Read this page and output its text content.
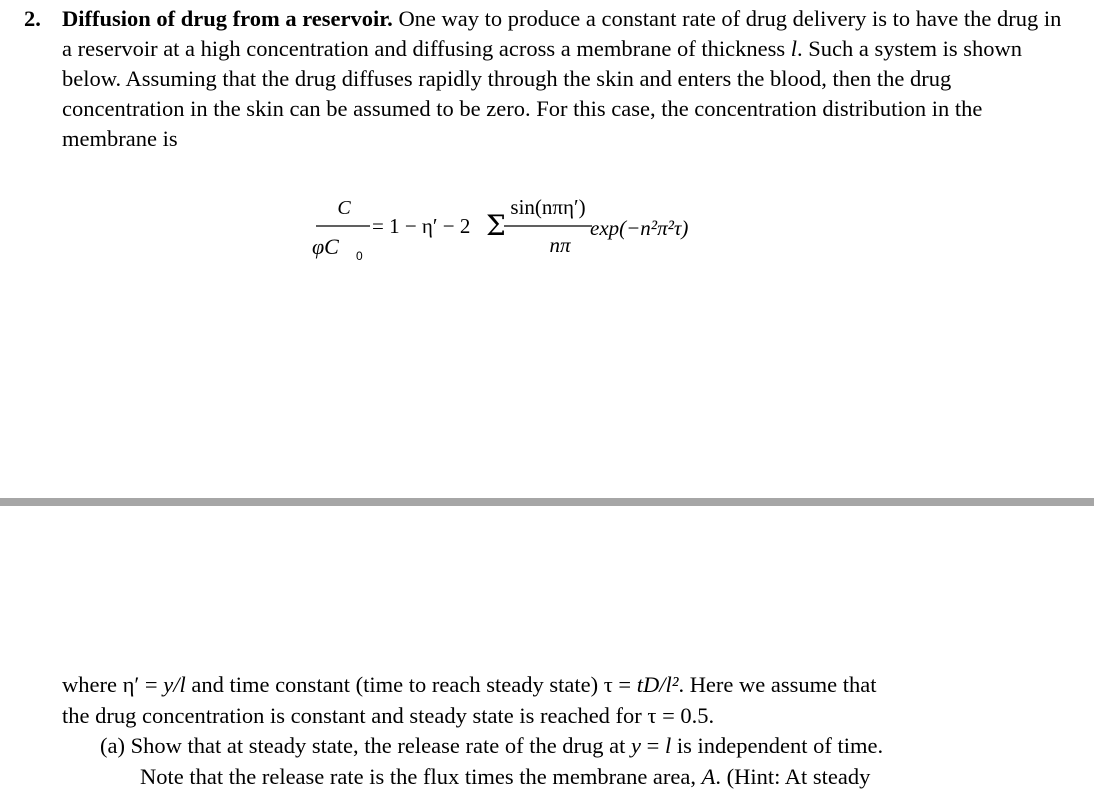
2. Diffusion of drug from a reservoir. One way to produce a constant rate of drug delivery is to have the drug in a reservoir at a high concentration and diffusing across a membrane of thickness l. Such a system is shown below. Assuming that the drug diffuses rapidly through the skin and enters the blood, then the drug concentration in the skin can be assumed to be zero. For this case, the concentration distribution in the membrane is
C
φC 0
= 1 − η′ − 2 Σ
sin(nπη′)
nπ
exp(−n²π²τ)

where η′ = y/l and time constant (time to reach steady state) τ = tD/l². Here we assume that

the drug concentration is constant and steady state is reached for τ = 0.5.

(a) Show that at steady state, the release rate of the drug at y = l is independent of time.

Note that the release rate is the flux times the membrane area, A. (Hint: At steady
